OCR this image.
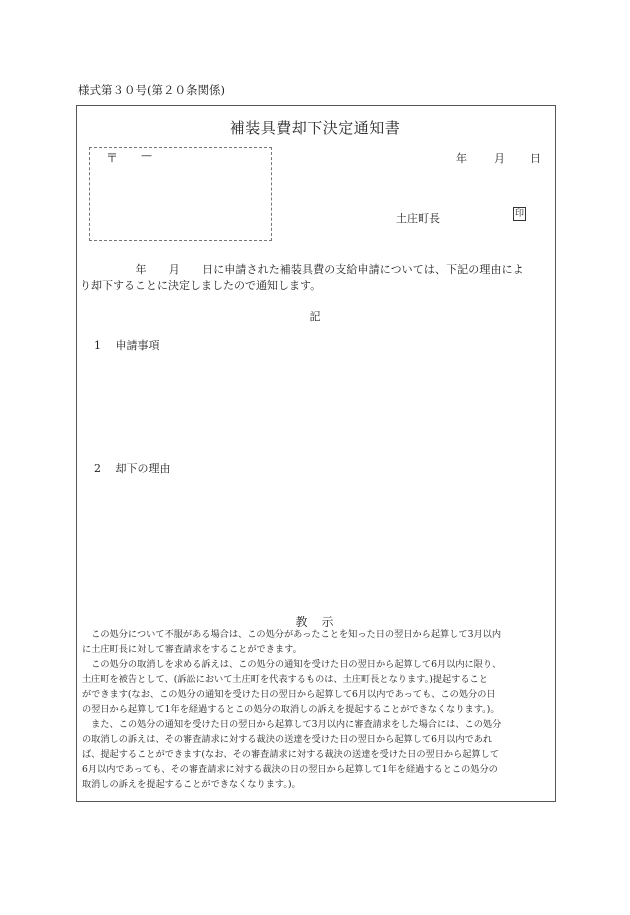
様式第３０号(第２０条関係)
補装具費却下決定通知書
〒 —	年 月 日
土庄町長	印
　　　　　年　　月　　日に申請された補装具費の支給申請については、下記の理由によ
り却下することに決定しましたので通知します。
記
1　 申請事項
2　 却下の理由
教　示

　この処分について不服がある場合は、この処分があったことを知った日の翌日から起算して3月以内

に土庄町長に対して審査請求をすることができます。

　この処分の取消しを求める訴えは、この処分の通知を受けた日の翌日から起算して6月以内に限り、

土庄町を被告として、(訴訟において土庄町を代表するものは、土庄町長となります。)提起すること

ができます(なお、この処分の通知を受けた日の翌日から起算して6月以内であっても、この処分の日

の翌日から起算して1年を経過するとこの処分の取消しの訴えを提起することができなくなります。)。

　また、この処分の通知を受けた日の翌日から起算して3月以内に審査請求をした場合には、この処分

の取消しの訴えは、その審査請求に対する裁決の送達を受けた日の翌日から起算して6月以内であれ

ば、提起することができます(なお、その審査請求に対する裁決の送達を受けた日の翌日から起算して

6月以内であっても、その審査請求に対する裁決の日の翌日から起算して1年を経過するとこの処分の

取消しの訴えを提起することができなくなります。)。
